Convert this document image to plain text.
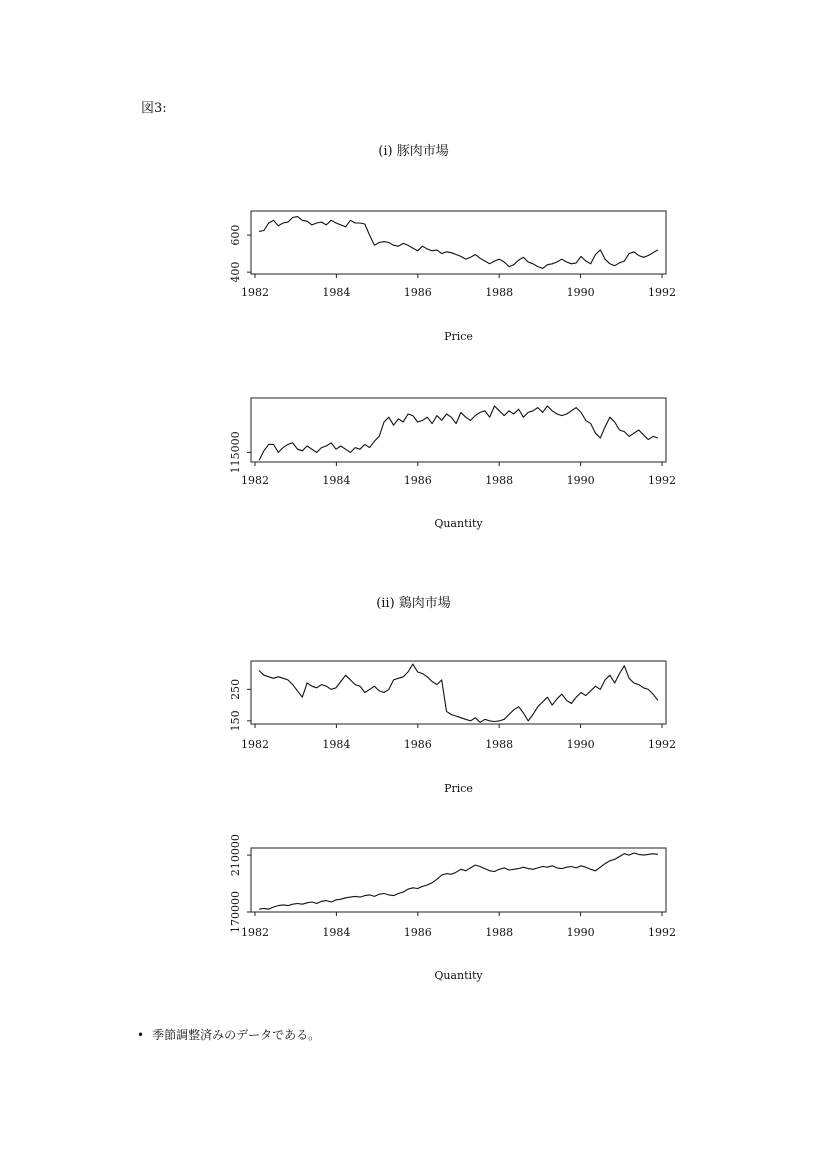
図3:
(i) 豚肉市場
(ii) 鶏肉市場
1982	1984	1986	1988	1990	1992
400
600
Price
1982	1984	1986	1988	1990	1992
115000
Quantity
1982	1984	1986	1988	1990	1992
150
250
Price
1982	1984	1986	1988	1990	1992
170000
210000
Quantity
• 季節調整済みのデータである。
